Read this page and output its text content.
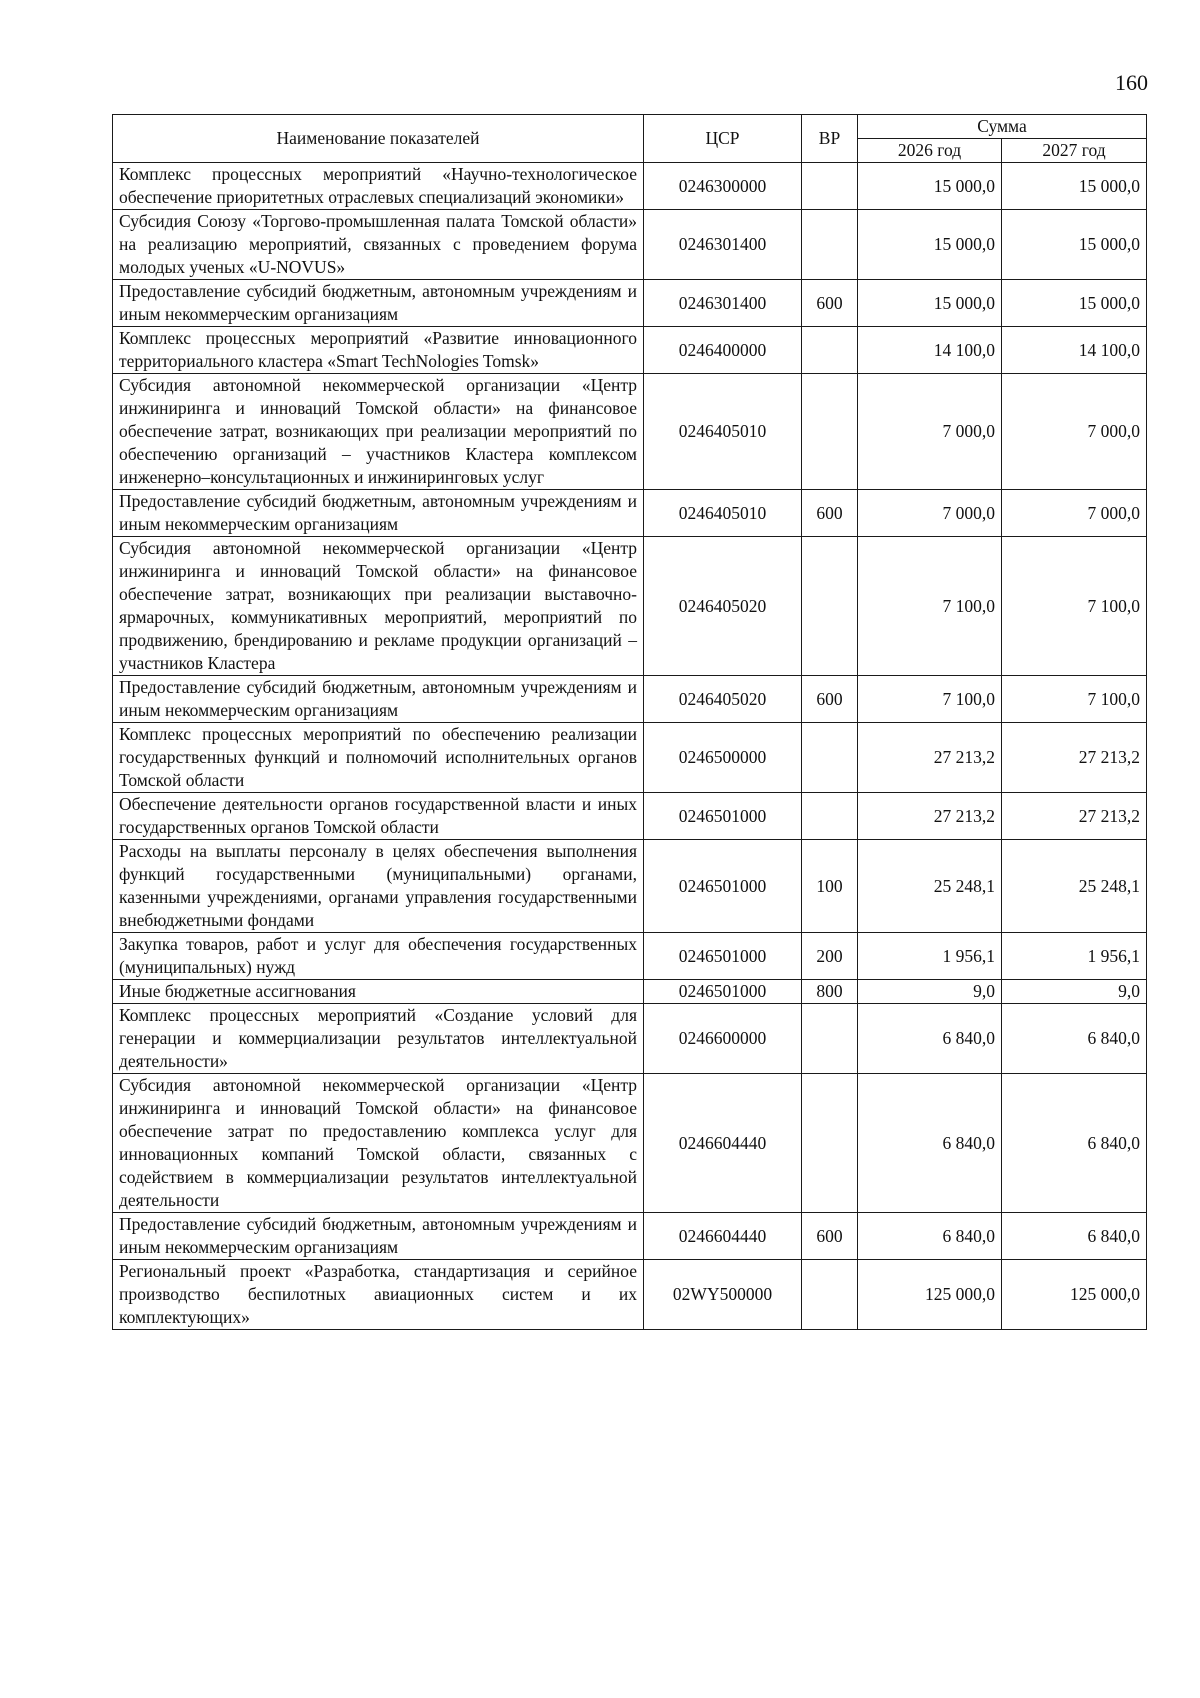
160
Наименование показателей	ЦСР	ВР	Сумма	
			2026 год	2027 год
Комплекс процессных мероприятий «Научно-технологическое обеспечение приоритетных отраслевых специализаций экономики»	0246300000		15 000,0	15 000,0
Субсидия Союзу «Торгово-промышленная палата Томской области» на реализацию мероприятий, связанных с проведением форума молодых ученых «U-NOVUS»	0246301400		15 000,0	15 000,0
Предоставление субсидий бюджетным, автономным учреждениям и иным некоммерческим организациям	0246301400	600	15 000,0	15 000,0
Комплекс процессных мероприятий «Развитие инновационного территориального кластера «Smart TechNologies Tomsk»	0246400000		14 100,0	14 100,0
Субсидия автономной некоммерческой организации «Центр инжиниринга и инноваций Томской области» на финансовое обеспечение затрат, возникающих при реализации мероприятий по обеспечению организаций – участников Кластера комплексом инженерно–консультационных и инжиниринговых услуг	0246405010		7 000,0	7 000,0
Предоставление субсидий бюджетным, автономным учреждениям и иным некоммерческим организациям	0246405010	600	7 000,0	7 000,0
Субсидия автономной некоммерческой организации «Центр инжиниринга и инноваций Томской области» на финансовое обеспечение затрат, возникающих при реализации выставочно-ярмарочных, коммуникативных мероприятий, мероприятий по продвижению, брендированию и рекламе продукции организаций – участников Кластера	0246405020		7 100,0	7 100,0
Предоставление субсидий бюджетным, автономным учреждениям и иным некоммерческим организациям	0246405020	600	7 100,0	7 100,0
Комплекс процессных мероприятий по обеспечению реализации государственных функций и полномочий исполнительных органов Томской области	0246500000		27 213,2	27 213,2
Обеспечение деятельности органов государственной власти и иных государственных органов Томской области	0246501000		27 213,2	27 213,2
Расходы на выплаты персоналу в целях обеспечения выполнения функций государственными (муниципальными) органами, казенными учреждениями, органами управления государственными внебюджетными фондами	0246501000	100	25 248,1	25 248,1
Закупка товаров, работ и услуг для обеспечения государственных (муниципальных) нужд	0246501000	200	1 956,1	1 956,1
Иные бюджетные ассигнования	0246501000	800	9,0	9,0
Комплекс процессных мероприятий «Создание условий для генерации и коммерциализации результатов интеллектуальной деятельности»	0246600000		6 840,0	6 840,0
Субсидия автономной некоммерческой организации «Центр инжиниринга и инноваций Томской области» на финансовое обеспечение затрат по предоставлению комплекса услуг для инновационных компаний Томской области, связанных с содействием в коммерциализации результатов интеллектуальной деятельности	0246604440		6 840,0	6 840,0
Предоставление субсидий бюджетным, автономным учреждениям и иным некоммерческим организациям	0246604440	600	6 840,0	6 840,0
Региональный проект «Разработка, стандартизация и серийное производство беспилотных авиационных систем и их комплектующих»	02WY500000		125 000,0	125 000,0
